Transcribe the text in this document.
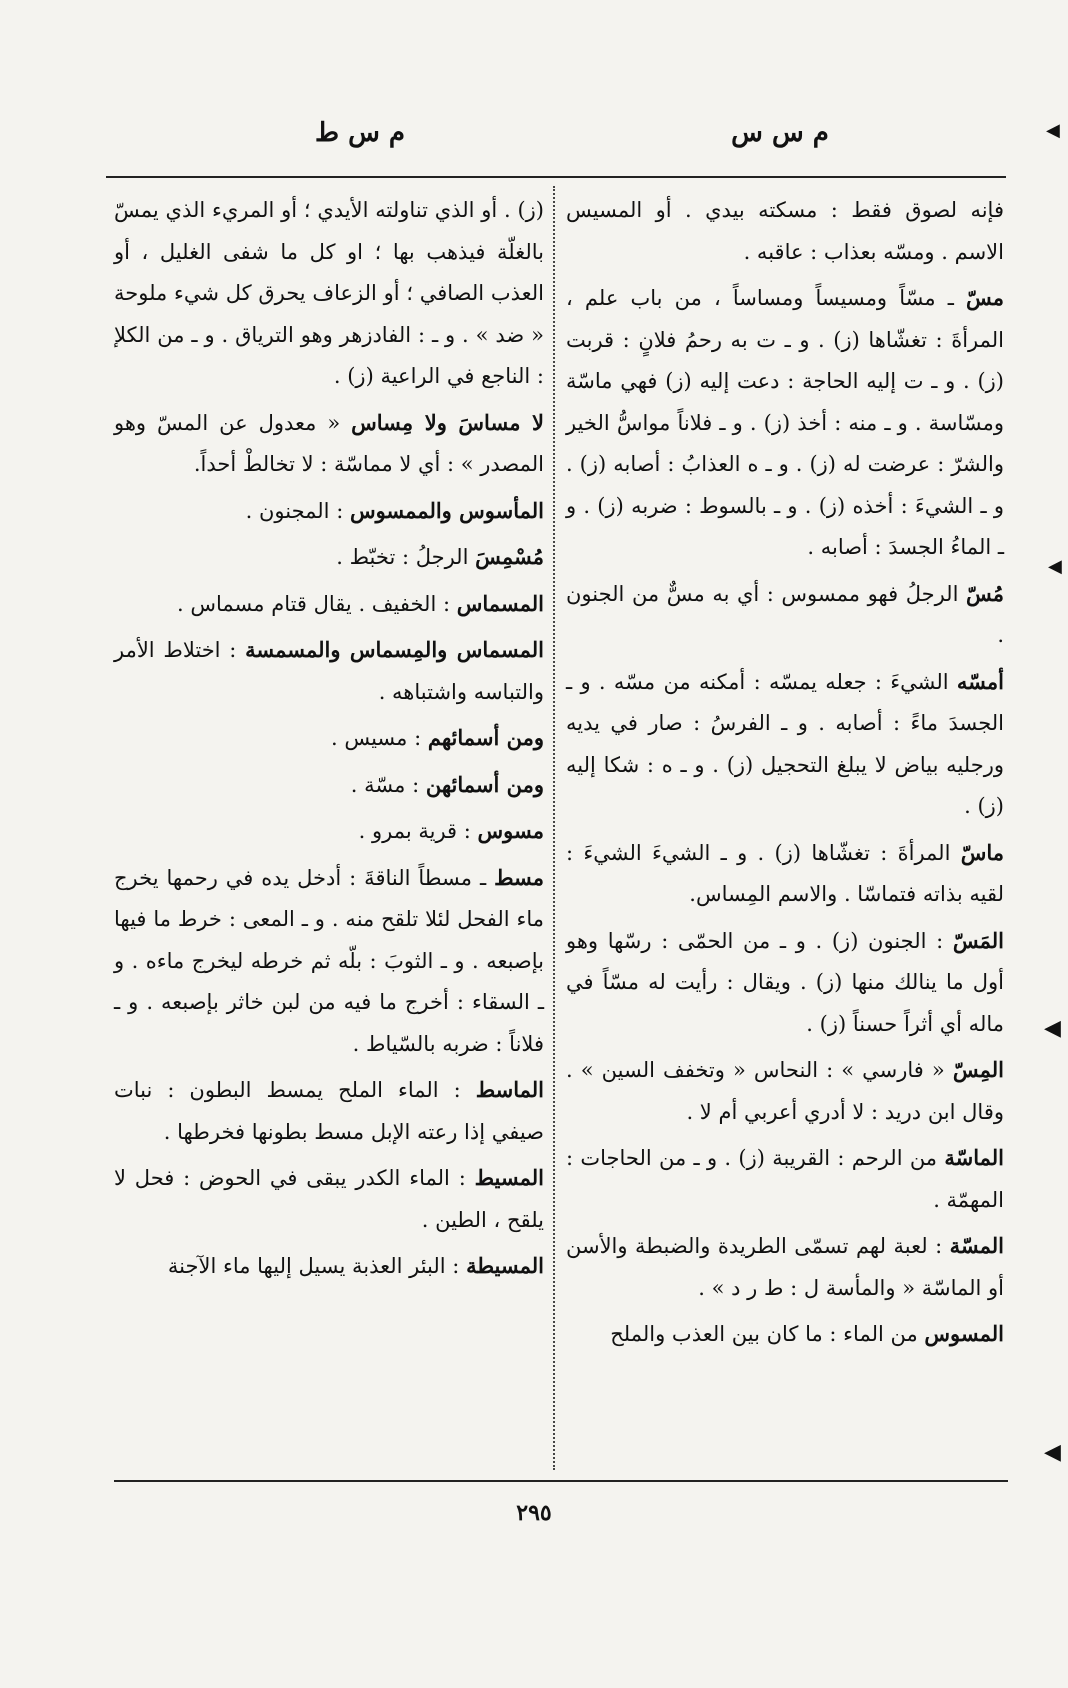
م س س
م س ط

فإنه لصوق فقط : مسكته بيدي . أو المسيس الاسم . ومسّه بعذاب : عاقبه .

مسّ ـ مسّاً ومسيساً ومساساً ، من باب علم ، المرأةَ : تغشّاها (ز) . و ـ ت به رحمُ فلانٍ : قربت (ز) . و ـ ت إليه الحاجة : دعت إليه (ز) فهي ماسّة ومسّاسة . و ـ منه : أخذ (ز) . و ـ فلاناً مواسُّ الخير والشرّ : عرضت له (ز) . و ـ ه العذابُ : أصابه (ز) . و ـ الشيءَ : أخذه (ز) . و ـ بالسوط : ضربه (ز) . و ـ الماءُ الجسدَ : أصابه .

مُسّ الرجلُ فهو ممسوس : أي به مسٌّ من الجنون .

أمسّه الشيءَ : جعله يمسّه : أمكنه من مسّه . و ـ الجسدَ ماءً : أصابه . و ـ الفرسُ : صار في يديه ورجليه بياض لا يبلغ التحجيل (ز) . و ـ ه : شكا إليه (ز) .

ماسّ المرأةَ : تغشّاها (ز) . و ـ الشيءَ الشيءَ : لقيه بذاته فتماسّا . والاسم المِساس.

المَسّ : الجنون (ز) . و ـ من الحمّى : رسّها وهو أول ما ينالك منها (ز) . ويقال : رأيت له مسّاً في ماله أي أثراً حسناً (ز) .

المِسّ « فارسي » : النحاس « وتخفف السين » . وقال ابن دريد : لا أدري أعربي أم لا .

الماسّة من الرحم : القريبة (ز) . و ـ من الحاجات : المهمّة .

المسّة : لعبة لهم تسمّى الطريدة والضبطة والأسن أو الماسّة « والمأسة ل : ط ر د » .

المسوس من الماء : ما كان بين العذب والملح

(ز) . أو الذي تناولته الأيدي ؛ أو المريء الذي يمسّ بالغلّة فيذهب بها ؛ او كل ما شفى الغليل ، أو العذب الصافي ؛ أو الزعاف يحرق كل شيء ملوحة « ضد » . و ـ : الفادزهر وهو الترياق . و ـ من الكلإ : الناجع في الراعية (ز) .

لا مساسَ ولا مِساس « معدول عن المسّ وهو المصدر » : أي لا مماسّة : لا تخالطْ أحداً.

المأسوس والممسوس : المجنون .

مُسْمِسَ الرجلُ : تخبّط .

المسماس : الخفيف . يقال قتام مسماس .

المسماس والمِسماس والمسمسة : اختلاط الأمر والتباسه واشتباهه .

ومن أسمائهم : مسيس .

ومن أسمائهن : مسّة .

مسوس : قرية بمرو .

مسط ـ مسطاً الناقةَ : أدخل يده في رحمها يخرج ماء الفحل لئلا تلقح منه . و ـ المعى : خرط ما فيها بإصبعه . و ـ الثوبَ : بلّه ثم خرطه ليخرج ماءه . و ـ السقاء : أخرج ما فيه من لبن خاثر بإصبعه . و ـ فلاناً : ضربه بالسّياط .

الماسط : الماء الملح يمسط البطون : نبات صيفي إذا رعته الإبل مسط بطونها فخرطها .

المسيط : الماء الكدر يبقى في الحوض : فحل لا يلقح ، الطين .

المسيطة : البئر العذبة يسيل إليها ماء الآجنة

٢٩٥
◀
◀
◀
◀
